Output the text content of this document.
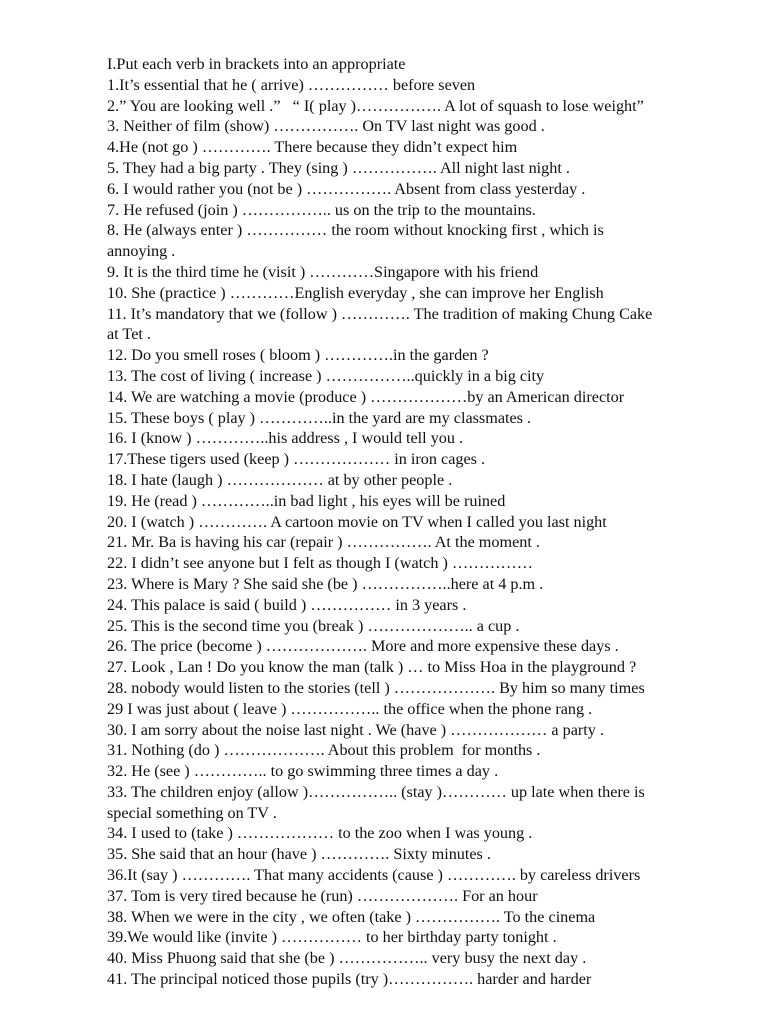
I.Put each verb in brackets into an appropriate
1.It’s essential that he ( arrive) …………… before seven
2.” You are looking well .”   “ I( play )……………. A lot of squash to lose weight”
3. Neither of film (show) ……………. On TV last night was good .
4.He (not go ) …………. There because they didn’t expect him
5. They had a big party . They (sing ) ……………. All night last night .
6. I would rather you (not be ) ……………. Absent from class yesterday .
7. He refused (join ) …………….. us on the trip to the mountains.
8. He (always enter ) …………… the room without knocking first , which is
annoying .
9. It is the third time he (visit ) …………Singapore with his friend
10. She (practice ) …………English everyday , she can improve her English
11. It’s mandatory that we (follow ) …………. The tradition of making Chung Cake
at Tet .
12. Do you smell roses ( bloom ) ………….in the garden ?
13. The cost of living ( increase ) ……………..quickly in a big city
14. We are watching a movie (produce ) ………………by an American director
15. These boys ( play ) …………..in the yard are my classmates .
16. I (know ) …………..his address , I would tell you .
17.These tigers used (keep ) ……………… in iron cages .
18. I hate (laugh ) ……………… at by other people .
19. He (read ) …………..in bad light , his eyes will be ruined
20. I (watch ) …………. A cartoon movie on TV when I called you last night
21. Mr. Ba is having his car (repair ) ……………. At the moment .
22. I didn’t see anyone but I felt as though I (watch ) ……………
23. Where is Mary ? She said she (be ) ……………..here at 4 p.m .
24. This palace is said ( build ) …………… in 3 years .
25. This is the second time you (break ) ……………….. a cup .
26. The price (become ) ………………. More and more expensive these days .
27. Look , Lan ! Do you know the man (talk ) … to Miss Hoa in the playground ?
28. nobody would listen to the stories (tell ) ………………. By him so many times
29 I was just about ( leave ) …………….. the office when the phone rang .
30. I am sorry about the noise last night . We (have ) ……………… a party .
31. Nothing (do ) ………………. About this problem  for months .
32. He (see ) ………….. to go swimming three times a day .
33. The children enjoy (allow )…………….. (stay )………… up late when there is
special something on TV .
34. I used to (take ) ……………… to the zoo when I was young .
35. She said that an hour (have ) …………. Sixty minutes .
36.It (say ) …………. That many accidents (cause ) …………. by careless drivers
37. Tom is very tired because he (run) ………………. For an hour
38. When we were in the city , we often (take ) ……………. To the cinema
39.We would like (invite ) …………… to her birthday party tonight .
40. Miss Phuong said that she (be ) …………….. very busy the next day .
41. The principal noticed those pupils (try )……………. harder and harder
